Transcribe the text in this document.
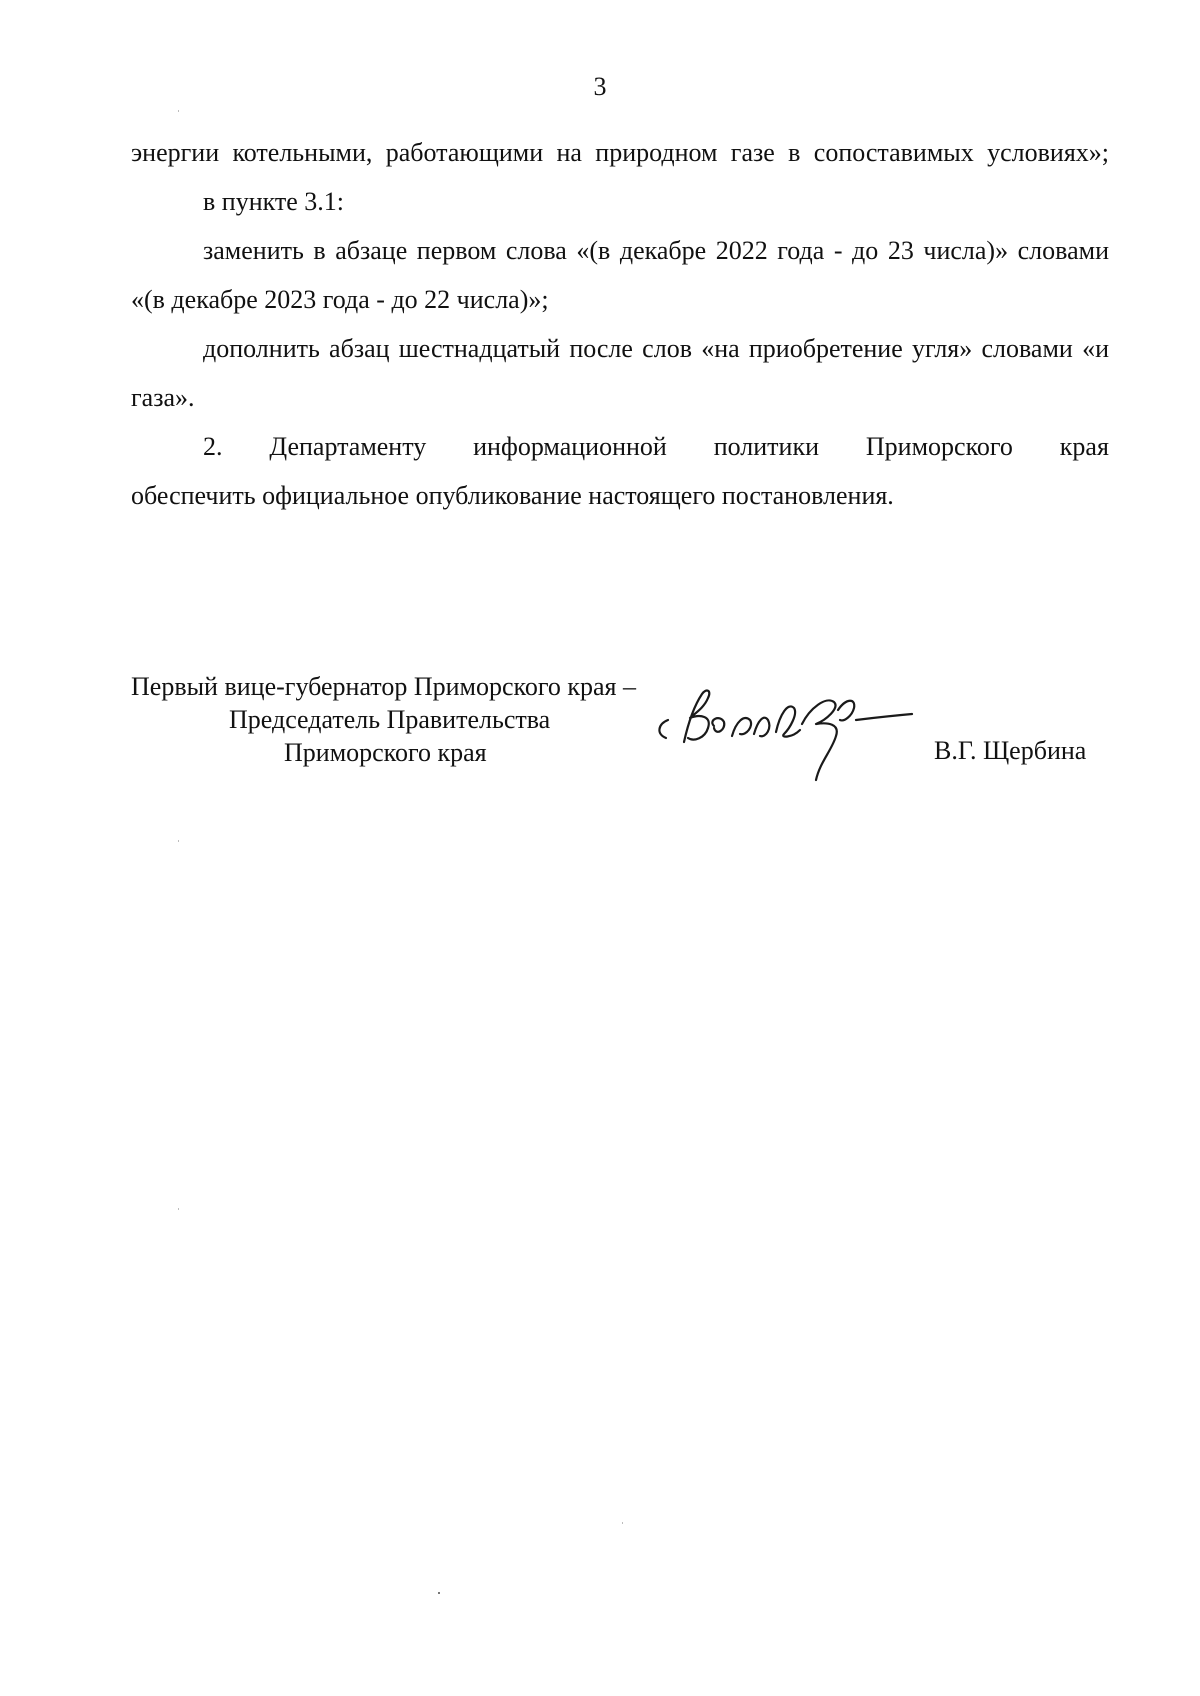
3

энергии котельными, работающими на природном газе в сопоставимых условиях»;

в пункте 3.1:

заменить в абзаце первом слова «(в декабре 2022 года - до 23 числа)» словами «(в декабре 2023 года - до 22 числа)»;

дополнить абзац шестнадцатый после слов «на приобретение угля» словами «и газа».

2. Департаменту информационной политики Приморского края

обеспечить официальное опубликование настоящего постановления.

Первый вице-губернатор Приморского края –
Председатель Правительства
Приморского края	В.Г. Щербина
